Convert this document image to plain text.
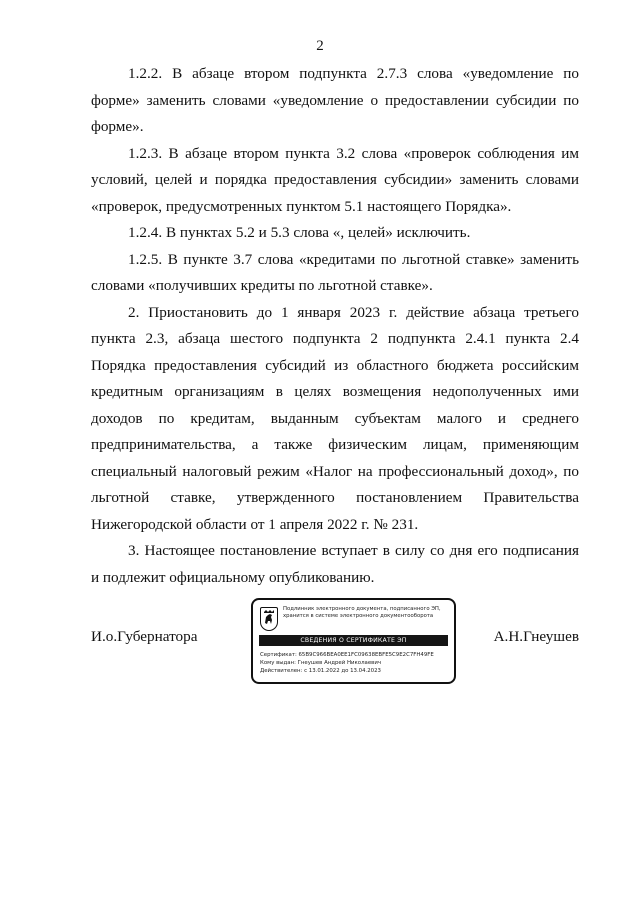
2

1.2.2. В абзаце втором подпункта 2.7.3 слова «уведомление по форме» заменить словами «уведомление о предоставлении субсидии по форме».

1.2.3. В абзаце втором пункта 3.2 слова «проверок соблюдения им условий, целей и порядка предоставления субсидии» заменить словами «проверок, предусмотренных пунктом 5.1 настоящего Порядка».

1.2.4. В пунктах 5.2 и 5.3 слова «, целей» исключить.

1.2.5. В пункте 3.7 слова «кредитами по льготной ставке» заменить словами «получивших кредиты по льготной ставке».

2. Приостановить до 1 января 2023 г. действие абзаца третьего пункта 2.3, абзаца шестого подпункта 2 подпункта 2.4.1 пункта 2.4 Порядка предоставления субсидий из областного бюджета российским кредитным организациям в целях возмещения недополученных ими доходов по кредитам, выданным субъектам малого и среднего предпринимательства, а также физическим лицам, применяющим специальный налоговый режим «Налог на профессиональный доход», по льготной ставке, утвержденного постановлением Правительства Нижегородской области от 1 апреля 2022 г. № 231.

3. Настоящее постановление вступает в силу со дня его подписания и подлежит официальному опубликованию.

И.о.Губернатора
Подлинник электронного документа, подписанного ЭП, хранится в системе электронного документооборота
СВЕДЕНИЯ О СЕРТИФИКАТЕ ЭП
Сертификат: 65B9C966BEA0EE1FC09638EBFE5C9E2C7FH49FE
Кому выдан: Гнеушев Андрей Николаевич
Действителен: с 13.01.2022 до 13.04.2023
А.Н.Гнеушев
